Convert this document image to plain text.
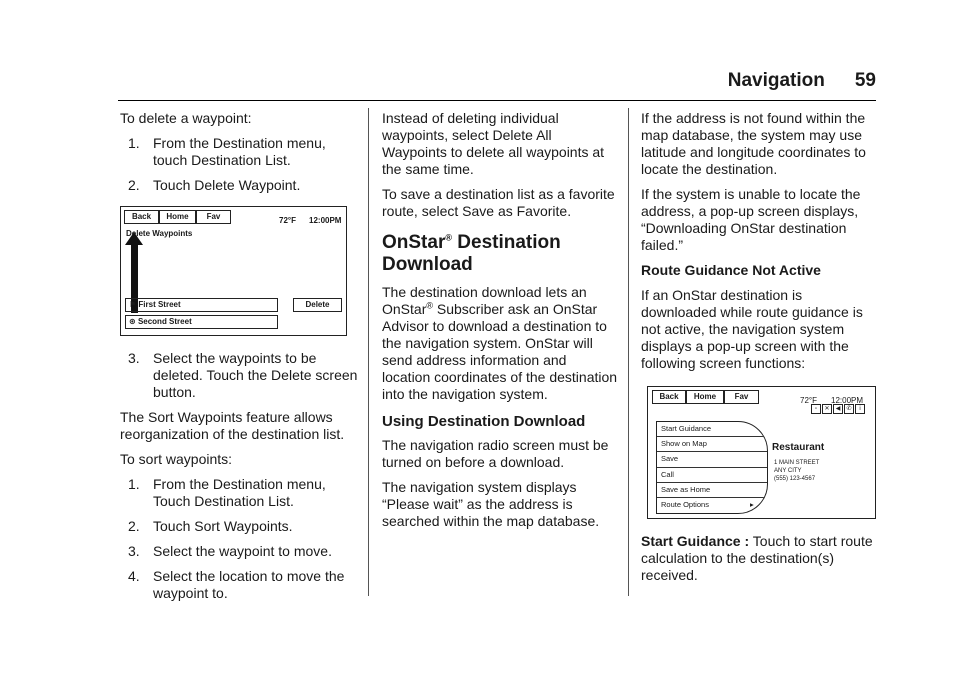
Navigation 59

To delete a waypoint:

1. From the Destination menu, touch Destination List.
2. Touch Delete Waypoint.
Back	Home	Fav	72°F 12:00PM
Delete Waypoints
⚑ First Street	Delete
⊛ Second Street
3. Select the waypoints to be deleted. Touch the Delete screen button.

The Sort Waypoints feature allows reorganization of the destination list.

To sort waypoints:

1. From the Destination menu, Touch Destination List.
2. Touch Sort Waypoints.
3. Select the waypoint to move.
4. Select the location to move the waypoint to.

Instead of deleting individual waypoints, select Delete All Waypoints to delete all waypoints at the same time.

To save a destination list as a favorite route, select Save as Favorite.

OnStar® Destination Download

The destination download lets an OnStar® Subscriber ask an OnStar Advisor to download a destination to the navigation system. OnStar will send address information and location coordinates of the destination into the navigation system.

Using Destination Download

The navigation radio screen must be turned on before a download.

The navigation system displays “Please wait” as the address is searched within the map database.

If the address is not found within the map database, the system may use latitude and longitude coordinates to locate the destination.

If the system is unable to locate the address, a pop-up screen displays, “Downloading OnStar destination failed.”

Route Guidance Not Active

If an OnStar destination is downloaded while route guidance is not active, the navigation system displays a pop-up screen with the following screen functions:

Back	Home	Fav	72°F 12:00PM
▫	✕	◀	✆	i
Start Guidance
Show on Map
Save
Call
Save as Home
Route Options	▸
Restaurant
1 MAIN STREET
ANY CITY
(555) 123-4567

Start Guidance : Touch to start route calculation to the destination(s) received.
